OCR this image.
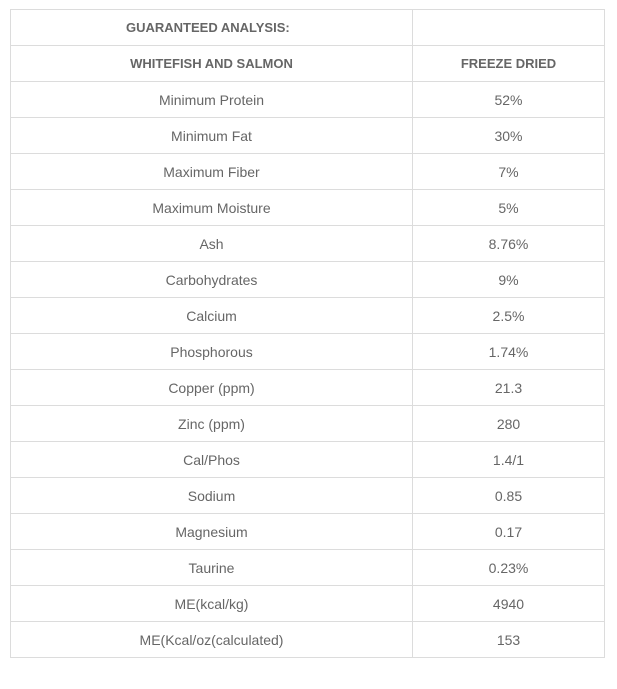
GUARANTEED ANALYSIS:	
WHITEFISH AND SALMON	FREEZE DRIED
Minimum Protein	52%
Minimum Fat	30%
Maximum Fiber	7%
Maximum Moisture	5%
Ash	8.76%
Carbohydrates	9%
Calcium	2.5%
Phosphorous	1.74%
Copper (ppm)	21.3
Zinc (ppm)	280
Cal/Phos	1.4/1
Sodium	0.85
Magnesium	0.17
Taurine	0.23%
ME(kcal/kg)	4940
ME(Kcal/oz(calculated)	153
